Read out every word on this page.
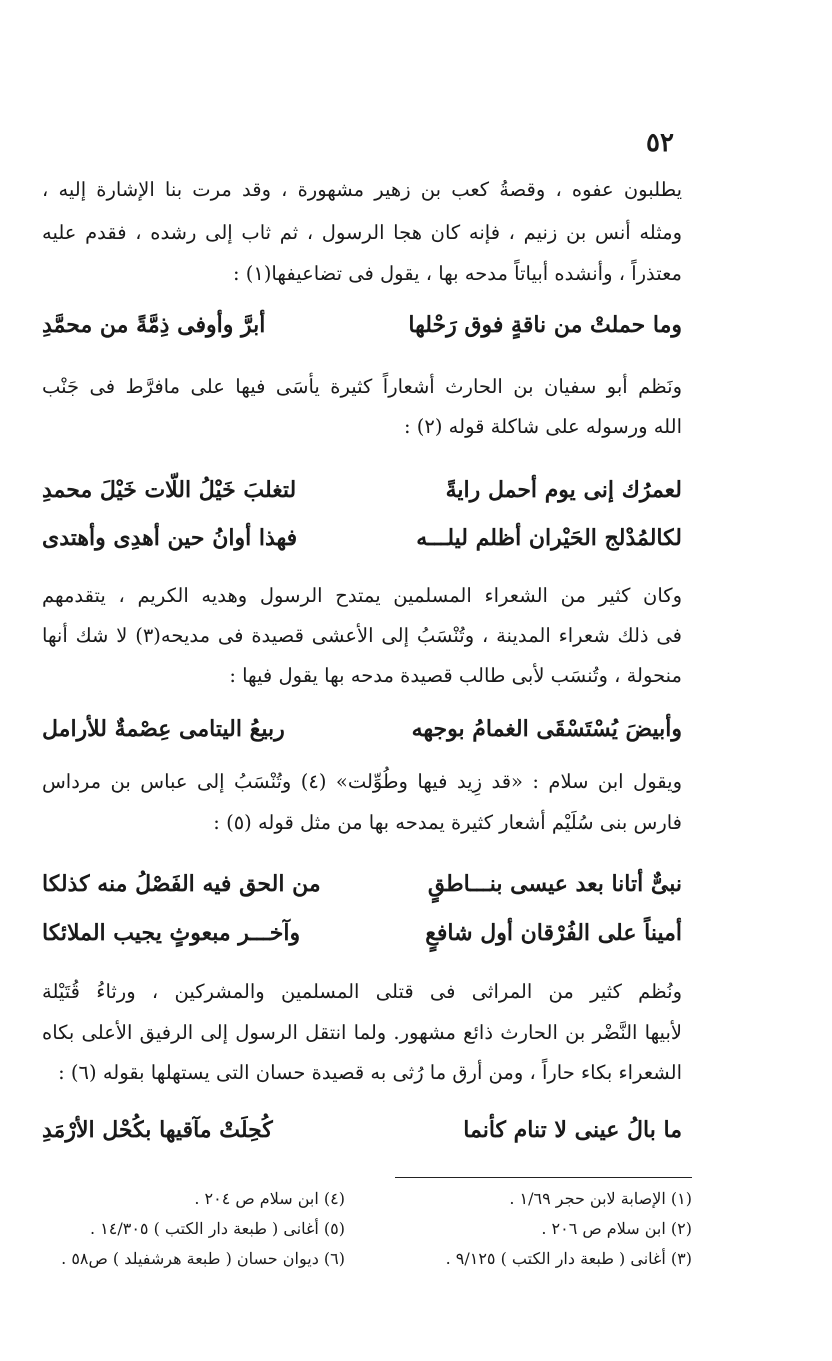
٥٢
يطلبون عفوه ، وقصةُ كعب بن زهير مشهورة ، وقد مرت بنا الإشارة إليه ،
ومثله أنس بن زنيم ، فإنه كان هجا الرسول ، ثم ثاب إلى رشده ، فقدم عليه
معتذراً ، وأنشده أبياتاً مدحه بها ، يقول فى تضاعيفها(١) :
وما حملتْ من ناقةٍ فوق رَحْلها
أبرَّ وأوفى ذِمَّةً من محمَّدِ
ونَظم أبو سفيان بن الحارث أشعاراً كثيرة يأسَى فيها على مافرَّط فى جَنْب
الله ورسوله على شاكلة قوله (٢) :
لعمرُك إنى يوم أحمل رايةً
لتغلبَ خَيْلُ اللّات خَيْلَ محمدِ
لكالمُدْلج الحَيْران أظلم ليلـــه
فهذا أوانُ حين أهدِى وأهتدى
وكان كثير من الشعراء المسلمين يمتدح الرسول وهديه الكريم ، يتقدمهم
فى ذلك شعراء المدينة ، وتُنْسَبُ إلى الأعشى قصيدة فى مديحه(٣) لا شك أنها
منحولة ، وتُنسَب لأبى طالب قصيدة مدحه بها يقول فيها :
وأبيضَ يُسْتَسْقَى الغمامُ بوجهه
ربيعُ اليتامى عِصْمةٌ للأرامل
ويقول ابن سلام : «قد زِيد فيها وطُوِّلت» (٤) وتُنْسَبُ إلى عباس بن مرداس
فارس بنى سُلَيْم أشعار كثيرة يمدحه بها من مثل قوله (٥) :
نبىٌّ أتانا بعد عيسى بنـــاطقٍ
من الحق فيه الفَصْلُ منه كذلكا
أميناً على الفُرْقان أول شافعٍ
وآخـــر مبعوثٍ يجيب الملائكا
ونُظم كثير من المراثى فى قتلى المسلمين والمشركين ، ورثاءُ قُتَيْلة
لأبيها النَّضْر بن الحارث ذائع مشهور. ولما انتقل الرسول إلى الرفيق الأعلى بكاه
الشعراء بكاء حاراً ، ومن أرق ما رُثى به قصيدة حسان التى يستهلها بقوله (٦) :
ما بالُ عينى لا تنام كأنما
كُحِلَتْ مآقيها بكُحْل الأرْمَدِ
(١) الإصابة لابن حجر ١/٦٩ .
(٢) ابن سلام ص ٢٠٦ .
(٣) أغانى ( طبعة دار الكتب ) ٩/١٢٥ .
(٤) ابن سلام ص ٢٠٤ .
(٥) أغانى ( طبعة دار الكتب ) ١٤/٣٠٥ .
(٦) ديوان حسان ( طبعة هرشفيلد ) ص٥٨ .
